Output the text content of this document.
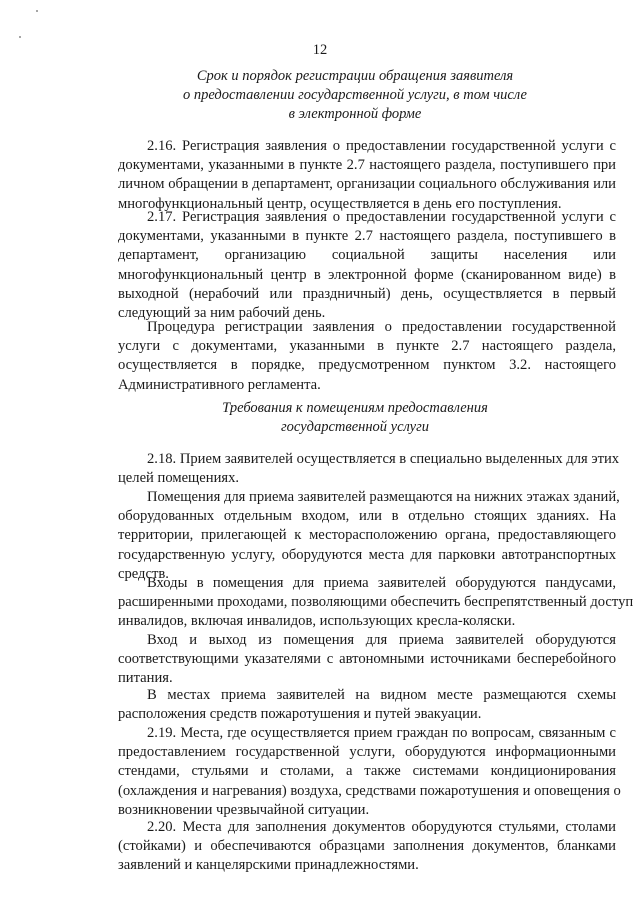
12
Срок и порядок регистрации обращения заявителя
о предоставлении государственной услуги, в том числе
в электронной форме
2.16. Регистрация заявления о предоставлении государственной услуги с
документами, указанными в пункте 2.7 настоящего раздела, поступившего при
личном обращении в департамент, организации социального обслуживания или
многофункциональный центр, осуществляется в день его поступления.
2.17. Регистрация заявления о предоставлении государственной услуги с
документами, указанными в пункте 2.7 настоящего раздела, поступившего в
департамент, организацию социальной защиты населения или
многофункциональный центр в электронной форме (сканированном виде) в
выходной (нерабочий или праздничный) день, осуществляется в первый
следующий за ним рабочий день.
Процедура регистрации заявления о предоставлении государственной
услуги с документами, указанными в пункте 2.7 настоящего раздела,
осуществляется в порядке, предусмотренном пунктом 3.2. настоящего
Административного регламента.
Требования к помещениям предоставления
государственной услуги
2.18. Прием заявителей осуществляется в специально выделенных для этих
целей помещениях.
Помещения для приема заявителей размещаются на нижних этажах зданий,
оборудованных отдельным входом, или в отдельно стоящих зданиях. На
территории, прилегающей к месторасположению органа, предоставляющего
государственную услугу, оборудуются места для парковки автотранспортных
средств.
Входы в помещения для приема заявителей оборудуются пандусами,
расширенными проходами, позволяющими обеспечить беспрепятственный доступ
инвалидов, включая инвалидов, использующих кресла-коляски.
Вход и выход из помещения для приема заявителей оборудуются
соответствующими указателями с автономными источниками бесперебойного
питания.
В местах приема заявителей на видном месте размещаются схемы
расположения средств пожаротушения и путей эвакуации.
2.19. Места, где осуществляется прием граждан по вопросам, связанным с
предоставлением государственной услуги, оборудуются информационными
стендами, стульями и столами, а также системами кондиционирования
(охлаждения и нагревания) воздуха, средствами пожаротушения и оповещения о
возникновении чрезвычайной ситуации.
2.20. Места для заполнения документов оборудуются стульями, столами
(стойками) и обеспечиваются образцами заполнения документов, бланками
заявлений и канцелярскими принадлежностями.
